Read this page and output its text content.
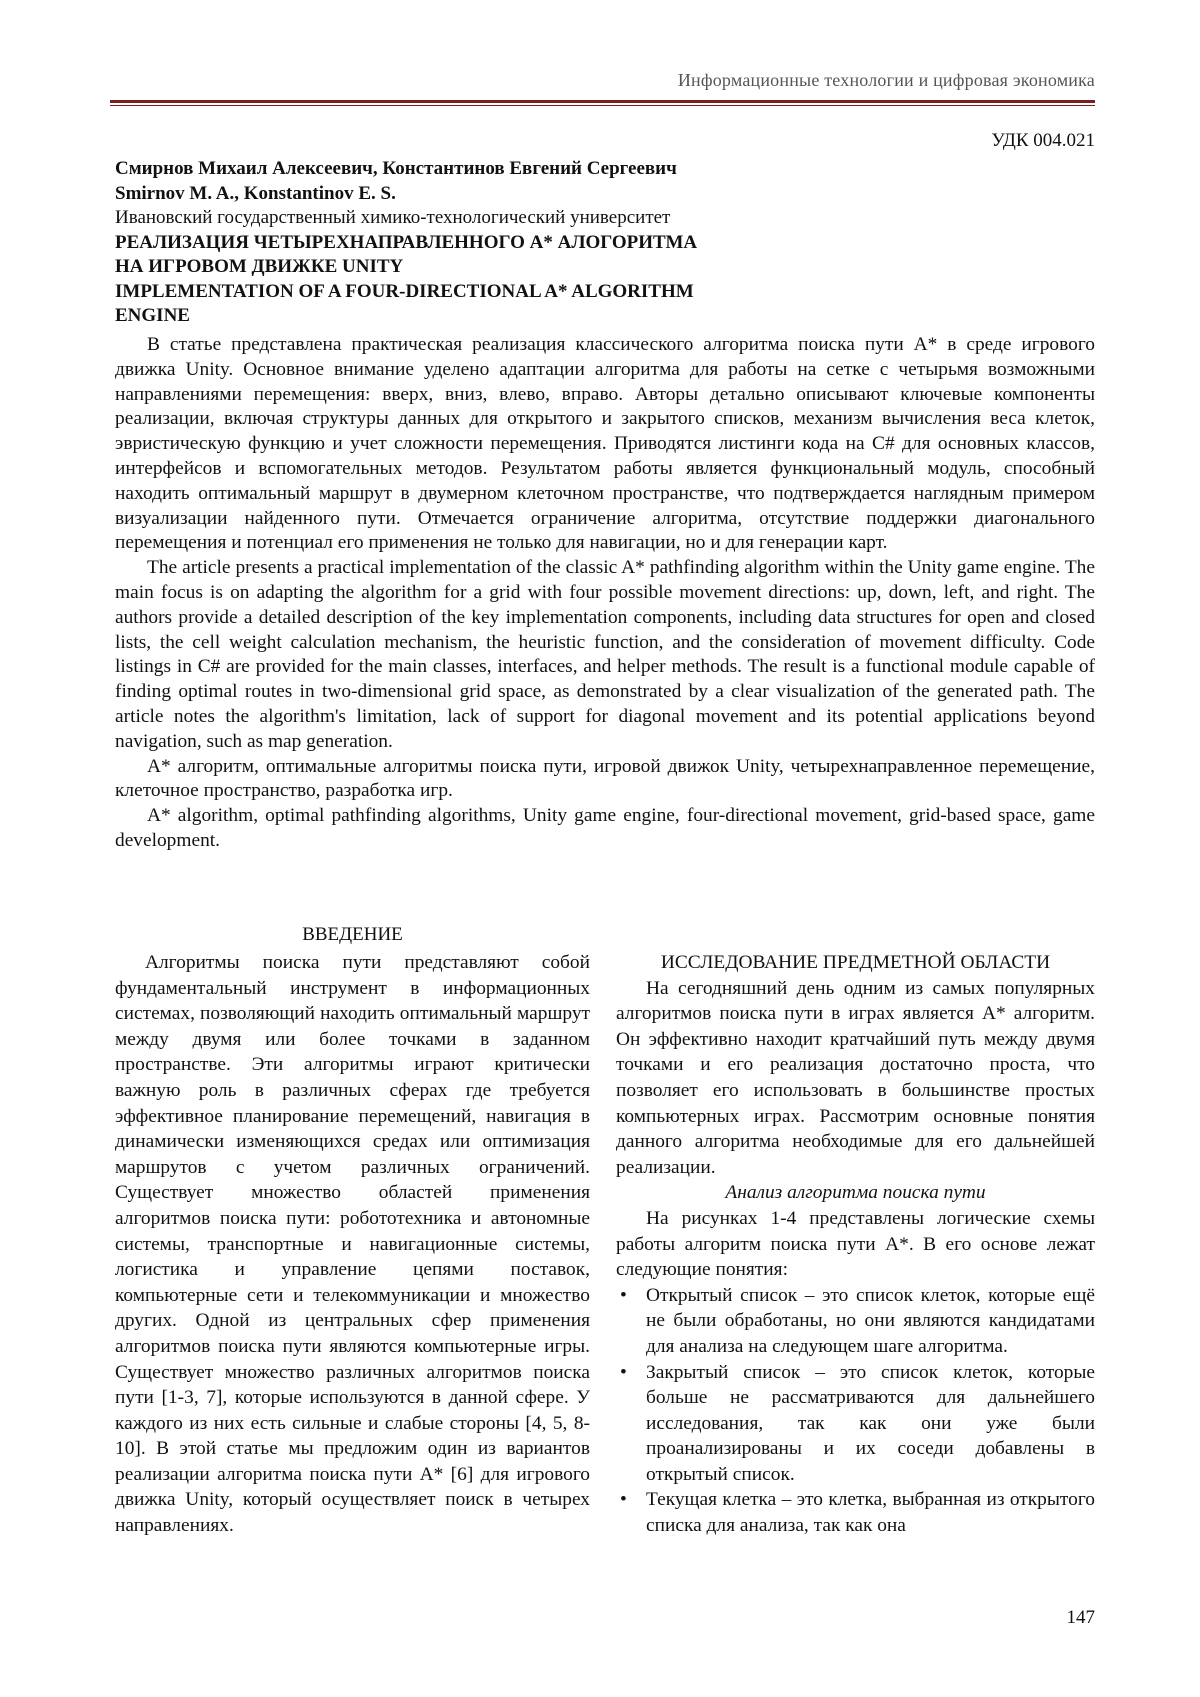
Информационные технологии и цифровая экономика
УДК 004.021
Смирнов Михаил Алексеевич, Константинов Евгений Сергеевич
Smirnov M. A., Konstantinov E. S.
Ивановский государственный химико-технологический университет
РЕАЛИЗАЦИЯ ЧЕТЫРЕХНАПРАВЛЕННОГО А* АЛОГОРИТМА
НА ИГРОВОМ ДВИЖКЕ UNITY
IMPLEMENTATION OF A FOUR-DIRECTIONAL A* ALGORITHM
ENGINE

В статье представлена практическая реализация классического алгоритма поиска пути А* в среде игрового движка Unity. Основное внимание уделено адаптации алгоритма для работы на сетке с четырьмя возможными направлениями перемещения: вверх, вниз, влево, вправо. Авторы детально описывают ключевые компоненты реализации, включая структуры данных для открытого и закрытого списков, механизм вычисления веса клеток, эвристическую функцию и учет сложности перемещения. Приводятся листинги кода на C# для основных классов, интерфейсов и вспомогательных методов. Результатом работы является функциональный модуль, способный находить оптимальный маршрут в двумерном клеточном пространстве, что подтверждается наглядным примером визуализации найденного пути. Отмечается ограничение алгоритма, отсутствие поддержки диагонального перемещения и потенциал его применения не только для навигации, но и для генерации карт.

The article presents a practical implementation of the classic A* pathfinding algorithm within the Unity game engine. The main focus is on adapting the algorithm for a grid with four possible movement directions: up, down, left, and right. The authors provide a detailed description of the key implementation components, including data structures for open and closed lists, the cell weight calculation mechanism, the heuristic function, and the consideration of movement difficulty. Code listings in C# are provided for the main classes, interfaces, and helper methods. The result is a functional module capable of finding optimal routes in two-dimensional grid space, as demonstrated by a clear visualization of the generated path. The article notes the algorithm's limitation, lack of support for diagonal movement and its potential applications beyond navigation, such as map generation.

А* алгоритм, оптимальные алгоритмы поиска пути, игровой движок Unity, четырехнаправленное перемещение, клеточное пространство, разработка игр.

A* algorithm, optimal pathfinding algorithms, Unity game engine, four-directional movement, grid-based space, game development.

ВВЕДЕНИЕ

Алгоритмы поиска пути представляют собой фундаментальный инструмент в информационных системах, позволяющий находить оптимальный маршрут между двумя или более точками в заданном пространстве. Эти алгоритмы играют критически важную роль в различных сферах где требуется эффективное планирование перемещений, навигация в динамически изменяющихся средах или оптимизация маршрутов с учетом различных ограничений. Существует множество областей применения алгоритмов поиска пути: робототехника и автономные системы, транспортные и навигационные системы, логистика и управление цепями поставок, компьютерные сети и телекоммуникации и множество других. Одной из центральных сфер применения алгоритмов поиска пути являются компьютерные игры. Существует множество различных алгоритмов поиска пути [1-3, 7], которые используются в данной сфере. У каждого из них есть сильные и слабые стороны [4, 5, 8-10]. В этой статье мы предложим один из вариантов реализации алгоритма поиска пути А* [6] для игрового движка Unity, который осуществляет поиск в четырех направлениях.

ИССЛЕДОВАНИЕ ПРЕДМЕТНОЙ ОБЛАСТИ

На сегодняшний день одним из самых популярных алгоритмов поиска пути в играх является А* алгоритм. Он эффективно находит кратчайший путь между двумя точками и его реализация достаточно проста, что позволяет его использовать в большинстве простых компьютерных играх. Рассмотрим основные понятия данного алгоритма необходимые для его дальнейшей реализации.

Анализ алгоритма поиска пути

На рисунках 1-4 представлены логические схемы работы алгоритм поиска пути А*. В его основе лежат следующие понятия:

• Открытый список – это список клеток, которые ещё не были обработаны, но они являются кандидатами для анализа на следующем шаге алгоритма.
• Закрытый список – это список клеток, которые больше не рассматриваются для дальнейшего исследования, так как они уже были проанализированы и их соседи добавлены в открытый список.
• Текущая клетка – это клетка, выбранная из открытого списка для анализа, так как она
147
